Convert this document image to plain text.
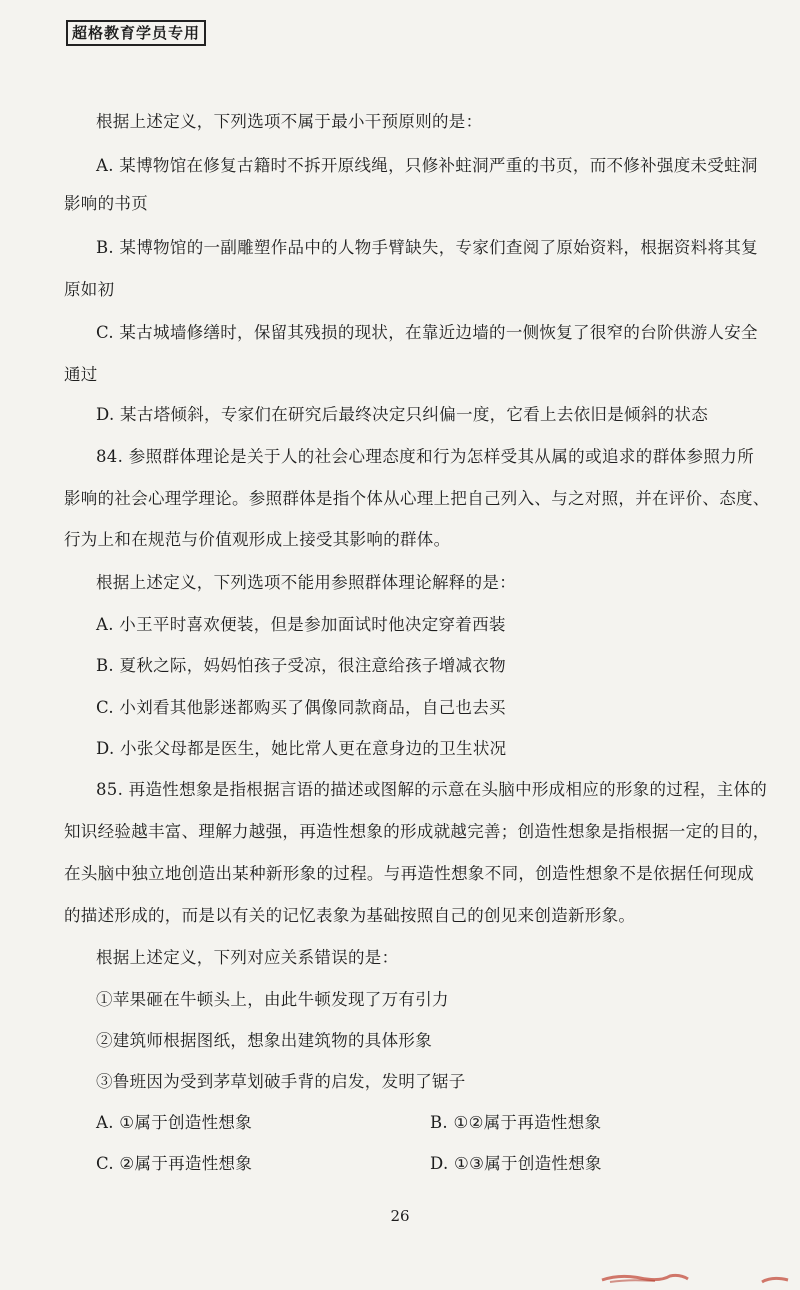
超格教育学员专用
根据上述定义，下列选项不属于最小干预原则的是：
A. 某博物馆在修复古籍时不拆开原线绳，只修补蛀洞严重的书页，而不修补强度未受蛀洞
影响的书页
B. 某博物馆的一副雕塑作品中的人物手臂缺失，专家们查阅了原始资料，根据资料将其复
原如初
C. 某古城墙修缮时，保留其残损的现状，在靠近边墙的一侧恢复了很窄的台阶供游人安全
通过
D. 某古塔倾斜，专家们在研究后最终决定只纠偏一度，它看上去依旧是倾斜的状态
84. 参照群体理论是关于人的社会心理态度和行为怎样受其从属的或追求的群体参照力所
影响的社会心理学理论。参照群体是指个体从心理上把自己列入、与之对照，并在评价、态度、
行为上和在规范与价值观形成上接受其影响的群体。
根据上述定义，下列选项不能用参照群体理论解释的是：
A. 小王平时喜欢便装，但是参加面试时他决定穿着西装
B. 夏秋之际，妈妈怕孩子受凉，很注意给孩子增减衣物
C. 小刘看其他影迷都购买了偶像同款商品，自己也去买
D. 小张父母都是医生，她比常人更在意身边的卫生状况
85. 再造性想象是指根据言语的描述或图解的示意在头脑中形成相应的形象的过程，主体的
知识经验越丰富、理解力越强，再造性想象的形成就越完善；创造性想象是指根据一定的目的，
在头脑中独立地创造出某种新形象的过程。与再造性想象不同，创造性想象不是依据任何现成
的描述形成的，而是以有关的记忆表象为基础按照自己的创见来创造新形象。
根据上述定义，下列对应关系错误的是：
①苹果砸在牛顿头上，由此牛顿发现了万有引力
②建筑师根据图纸，想象出建筑物的具体形象
③鲁班因为受到茅草划破手背的启发，发明了锯子
A. ①属于创造性想象	B. ①②属于再造性想象
C. ②属于再造性想象	D. ①③属于创造性想象
26
